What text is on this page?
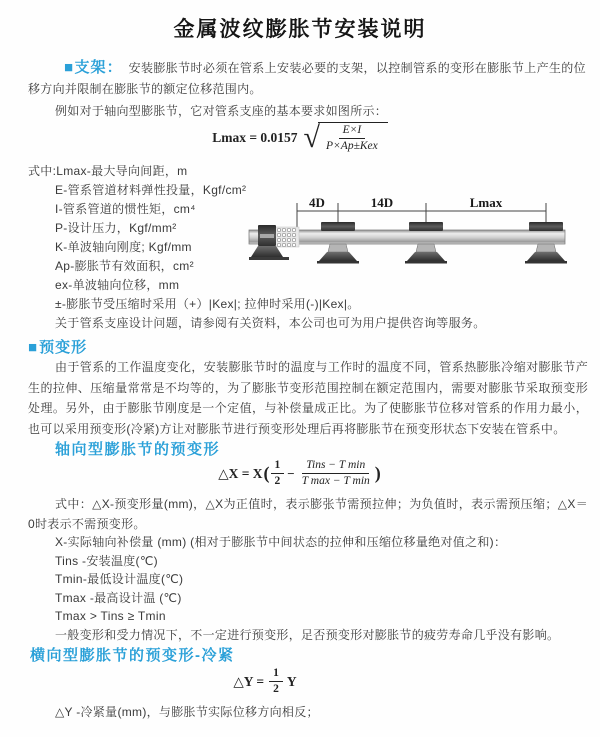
金属波纹膨胀节安装说明
■支架： 安装膨胀节时必须在管系上安装必要的支架，以控制管系的变形在膨胀节上产生的位移方向并限制在膨胀节的额定位移范围内。
例如对于轴向型膨胀节，它对管系支座的基本要求如图所示：
Lmax = 0.0157 √ $\frac{E\times I}{\text{P×Ap±Kex}}$
式中:Lmax-最大导向间距，m
E-管系管道材料弹性投量，Kgf/cm²
I-管系管道的惯性矩，cm⁴
P-设计压力，Kgf/mm²
K-单波轴向刚度; Kgf/mm
Ap-膨胀节有效面积，cm²
ex-单波轴向位移，mm
±-膨胀节受压缩时采用（+）|Kex|; 拉伸时采用(-)|Kex|。
关于管系支座设计问题，请参阅有关资料，本公司也可为用户提供咨询等服务。
4D	14D	Lmax
■预变形
由于管系的工作温度变化，安装膨胀节时的温度与工作时的温度不同，管系热膨胀冷缩对膨胀节产生的拉伸、压缩量常常是不均等的，为了膨胀节变形范围控制在额定范围内，需要对膨胀节采取预变形处理。另外，由于膨胀节刚度是一个定值，与补偿量成正比。为了使膨胀节位移对管系的作用力最小，也可以采用预变形(冷紧)方让对膨胀节进行预变形处理后再将膨胀节在预变形状态下安装在管系中。
轴向型膨胀节的预变形
△X = X ( $\frac{1}{2} - \frac{\text{Tins − T min}}{\text{T max − T min}}$ )
式中：△X-预变形量(mm)，△X为正值时，表示膨张节需预拉伸；为负值时，表示需预压缩；△X＝0时表示不需预变形。
X-实际轴向补偿量 (mm) (相对于膨胀节中间状态的拉伸和压缩位移量绝对值之和)：
Tins -安装温度(℃)
Tmin-最低设计温度(℃)
Tmax -最高设计温 (℃)
Tmax > Tins ≥ Tmin
一般变形和受力情况下，不一定进行预变形，足否预变形对膨胀节的疲劳寿命几乎没有影响。
横向型膨胀节的预变形-冷紧
△Y = $\frac{1}{2}$ Y
△Y -冷紧量(mm)，与膨胀节实际位移方向相反；
